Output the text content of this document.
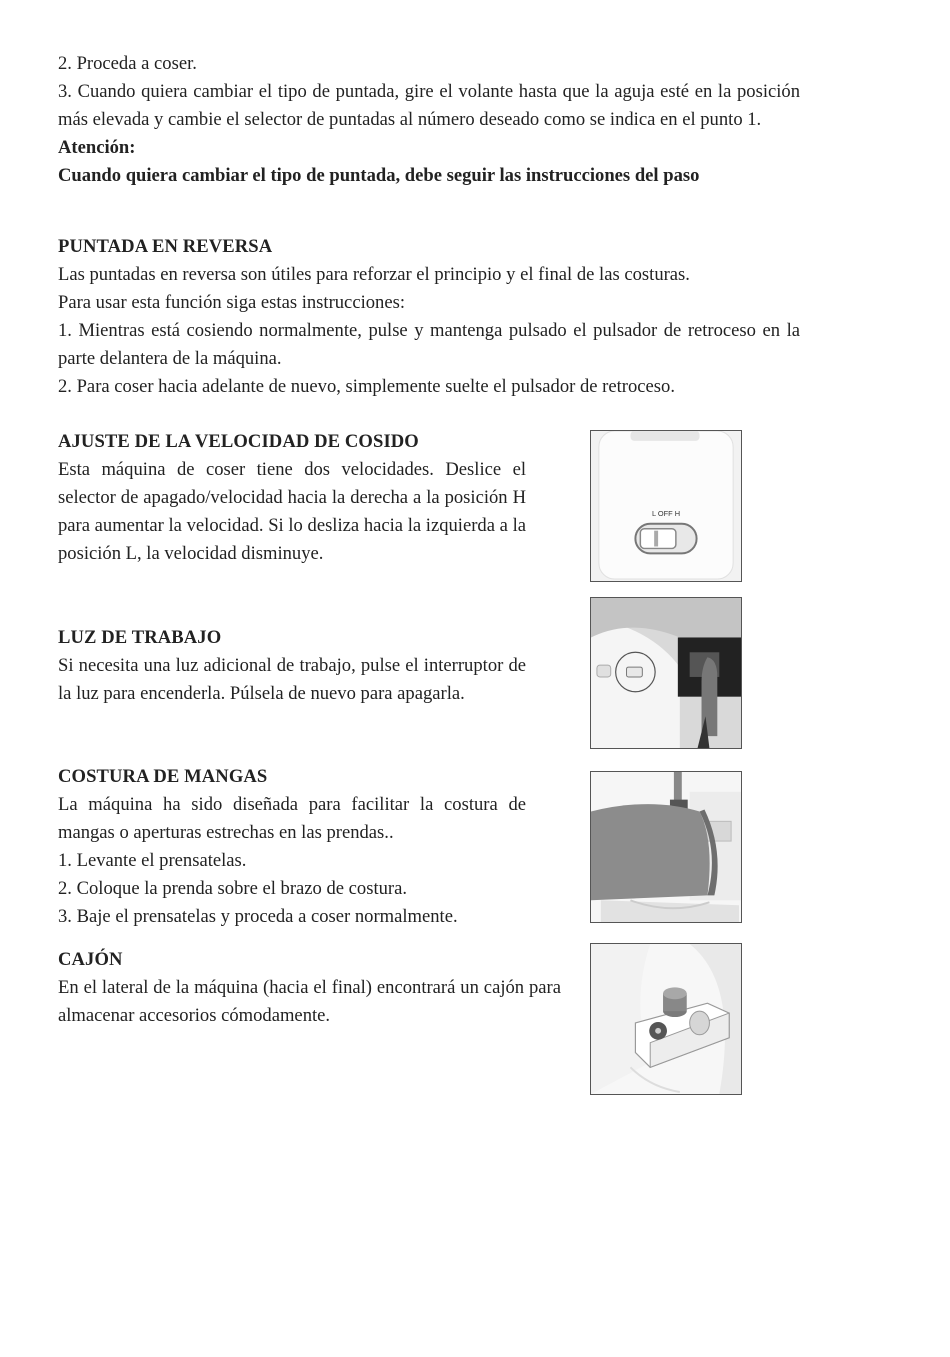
2. Proceda a coser.

3. Cuando quiera cambiar el tipo de puntada, gire el volante hasta que la aguja esté en la posición más elevada y cambie el selector de puntadas al número deseado como se indica en el punto 1.

Atención:

Cuando quiera cambiar el tipo de puntada, debe seguir las instrucciones del paso

PUNTADA EN REVERSA

Las puntadas en reversa son útiles para reforzar el principio y el final de las costuras.

Para usar esta función siga estas instrucciones:

1. Mientras está cosiendo normalmente, pulse y mantenga pulsado el pulsador de retroceso en la parte delantera de la máquina.

2. Para coser hacia adelante de nuevo, simplemente suelte el pulsador de retroceso.

AJUSTE DE LA VELOCIDAD DE COSIDO

Esta máquina de coser tiene dos velocidades. Deslice el selector de apagado/velocidad hacia la derecha a la posición H para aumentar la velocidad. Si lo desliza hacia la izquierda a la posición L, la velocidad disminuye.

LUZ DE TRABAJO

Si necesita una luz adicional de trabajo, pulse el interruptor de la luz para encenderla. Púlsela de nuevo para apagarla.

COSTURA DE MANGAS

La máquina ha sido diseñada para facilitar la costura de mangas o aperturas estrechas en las prendas..

1. Levante el prensatelas.

2. Coloque la prenda sobre el brazo de costura.

3. Baje el prensatelas y proceda a coser normalmente.

CAJÓN

En el lateral de la máquina (hacia el final) encontrará un cajón para almacenar accesorios cómodamente.

L OFF H
